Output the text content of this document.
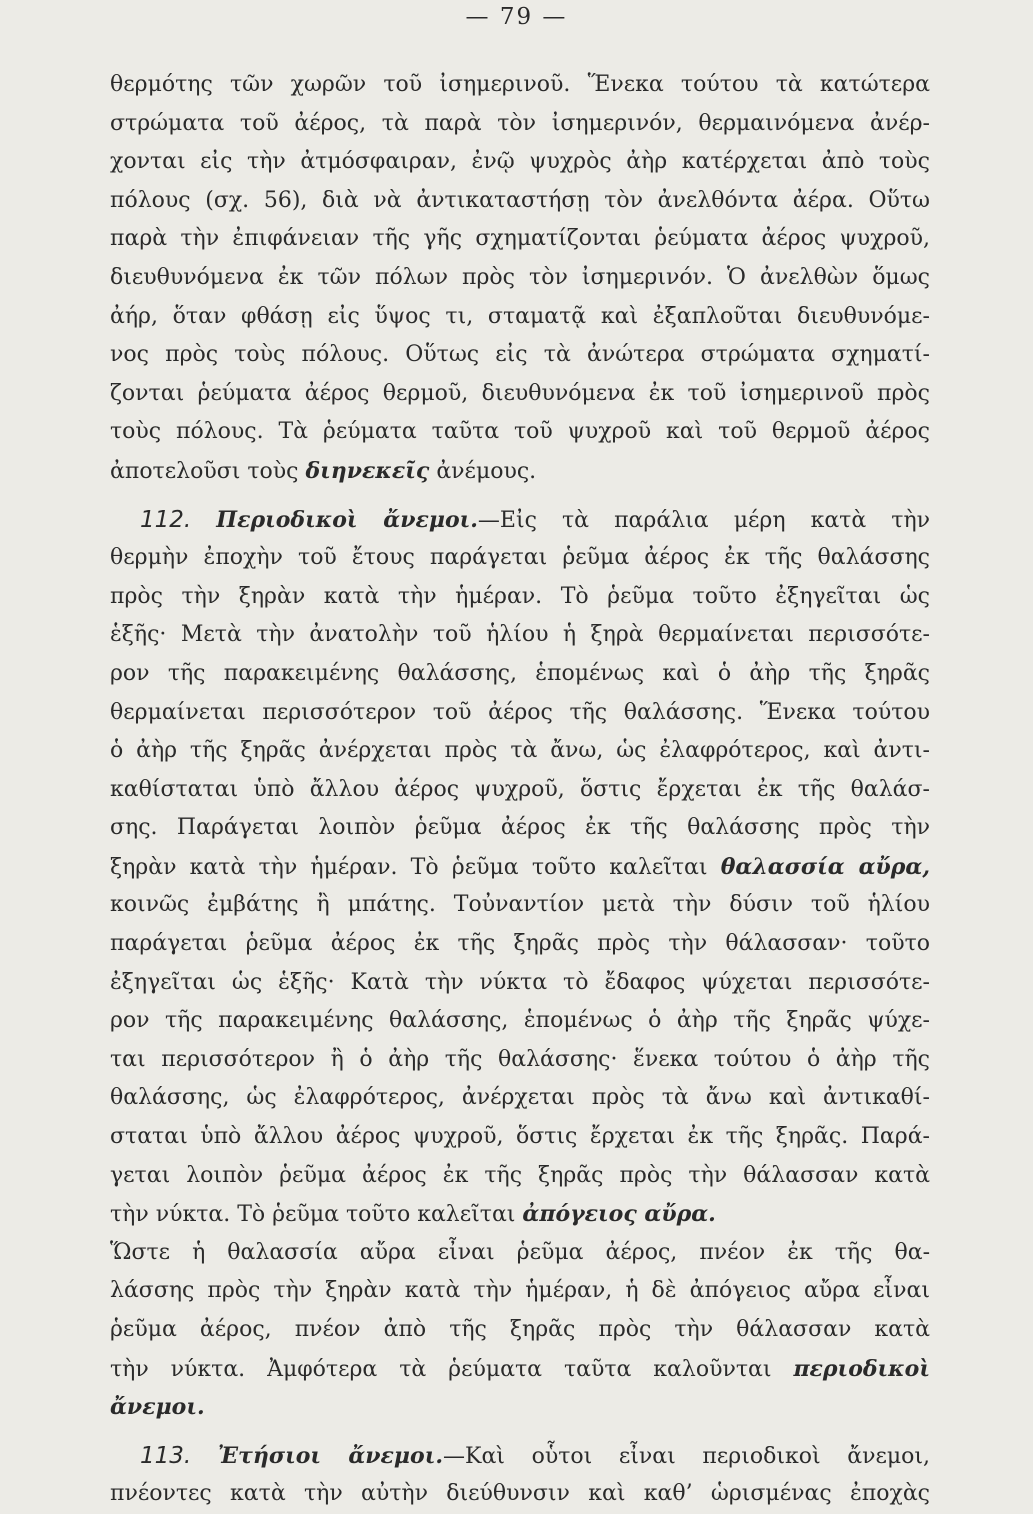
— 79 —
θερμότης τῶν χωρῶν τοῦ ἰσημερινοῦ. Ἕνεκα τούτου τὰ κατώτερα
στρώματα τοῦ ἀέρος, τὰ παρὰ τὸν ἰσημερινόν, θερμαινόμενα ἀνέρ-
χονται εἰς τὴν ἀτμόσφαιραν, ἐνῷ ψυχρὸς ἀὴρ κατέρχεται ἀπὸ τοὺς
πόλους (σχ. 56), διὰ νὰ ἀντικαταστήσῃ τὸν ἀνελθόντα ἀέρα. Οὕτω
παρὰ τὴν ἐπιφάνειαν τῆς γῆς σχηματίζονται ῥεύματα ἀέρος ψυχροῦ,
διευθυνόμενα ἐκ τῶν πόλων πρὸς τὸν ἰσημερινόν. Ὁ ἀνελθὼν ὅμως
ἀήρ, ὅταν φθάσῃ εἰς ὕψος τι, σταματᾷ καὶ ἐξαπλοῦται διευθυνόμε-
νος πρὸς τοὺς πόλους. Οὕτως εἰς τὰ ἀνώτερα στρώματα σχηματί-
ζονται ῥεύματα ἀέρος θερμοῦ, διευθυνόμενα ἐκ τοῦ ἰσημερινοῦ πρὸς
τοὺς πόλους. Τὰ ῥεύματα ταῦτα τοῦ ψυχροῦ καὶ τοῦ θερμοῦ ἀέρος
ἀποτελοῦσι τοὺς διηνεκεῖς ἀνέμους.
112. Περιοδικοὶ ἄνεμοι.—Εἰς τὰ παράλια μέρη κατὰ τὴν
θερμὴν ἐποχὴν τοῦ ἔτους παράγεται ῥεῦμα ἀέρος ἐκ τῆς θαλάσσης
πρὸς τὴν ξηρὰν κατὰ τὴν ἡμέραν. Τὸ ῥεῦμα τοῦτο ἐξηγεῖται ὡς
ἑξῆς· Μετὰ τὴν ἀνατολὴν τοῦ ἡλίου ἡ ξηρὰ θερμαίνεται περισσότε-
ρον τῆς παρακειμένης θαλάσσης, ἑπομένως καὶ ὁ ἀὴρ τῆς ξηρᾶς
θερμαίνεται περισσότερον τοῦ ἀέρος τῆς θαλάσσης. Ἕνεκα τούτου
ὁ ἀὴρ τῆς ξηρᾶς ἀνέρχεται πρὸς τὰ ἄνω, ὡς ἐλαφρότερος, καὶ ἀντι-
καθίσταται ὑπὸ ἄλλου ἀέρος ψυχροῦ, ὅστις ἔρχεται ἐκ τῆς θαλάσ-
σης. Παράγεται λοιπὸν ῥεῦμα ἀέρος ἐκ τῆς θαλάσσης πρὸς τὴν
ξηρὰν κατὰ τὴν ἡμέραν. Τὸ ῥεῦμα τοῦτο καλεῖται θαλασσία αὔρα,
κοινῶς ἐμβάτης ἢ μπάτης. Τοὐναντίον μετὰ τὴν δύσιν τοῦ ἡλίου
παράγεται ῥεῦμα ἀέρος ἐκ τῆς ξηρᾶς πρὸς τὴν θάλασσαν· τοῦτο
ἐξηγεῖται ὡς ἑξῆς· Κατὰ τὴν νύκτα τὸ ἔδαφος ψύχεται περισσότε-
ρον τῆς παρακειμένης θαλάσσης, ἑπομένως ὁ ἀὴρ τῆς ξηρᾶς ψύχε-
ται περισσότερον ἢ ὁ ἀὴρ τῆς θαλάσσης· ἕνεκα τούτου ὁ ἀὴρ τῆς
θαλάσσης, ὡς ἐλαφρότερος, ἀνέρχεται πρὸς τὰ ἄνω καὶ ἀντικαθί-
σταται ὑπὸ ἄλλου ἀέρος ψυχροῦ, ὅστις ἔρχεται ἐκ τῆς ξηρᾶς. Παρά-
γεται λοιπὸν ῥεῦμα ἀέρος ἐκ τῆς ξηρᾶς πρὸς τὴν θάλασσαν κατὰ
τὴν νύκτα. Τὸ ῥεῦμα τοῦτο καλεῖται ἀπόγειος αὔρα.
Ὥστε ἡ θαλασσία αὔρα εἶναι ῥεῦμα ἀέρος, πνέον ἐκ τῆς θα-
λάσσης πρὸς τὴν ξηρὰν κατὰ τὴν ἡμέραν, ἡ δὲ ἀπόγειος αὔρα εἶναι
ῥεῦμα ἀέρος, πνέον ἀπὸ τῆς ξηρᾶς πρὸς τὴν θάλασσαν κατὰ
τὴν νύκτα. Ἀμφότερα τὰ ῥεύματα ταῦτα καλοῦνται περιοδικοὶ
ἄνεμοι.
113. Ἐτήσιοι ἄνεμοι.—Καὶ οὗτοι εἶναι περιοδικοὶ ἄνεμοι,
πνέοντες κατὰ τὴν αὐτὴν διεύθυνσιν καὶ καθ’ ὡρισμένας ἐποχὰς
